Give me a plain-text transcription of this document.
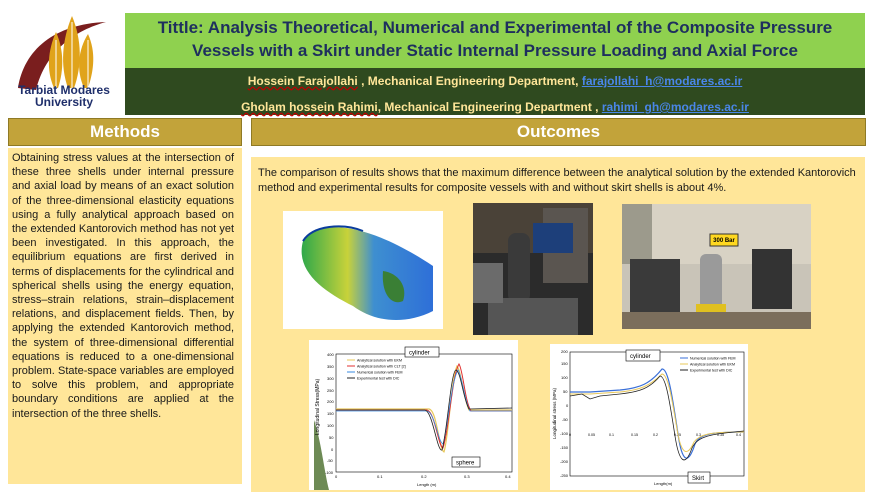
Tarbiat Modares
University
Tittle: Analysis Theoretical, Numerical and Experimental of the Composite Pressure Vessels with a Skirt under Static Internal Pressure Loading and Axial Force
Hossein Farajollahi , Mechanical Engineering Department, farajollahi_h@modares.ac.ir
Gholam hossein Rahimi, Mechanical Engineering Department , rahimi_gh@modares.ac.ir
Methods
Obtaining stress values at the intersection of these three shells under internal pressure and axial load by means of an exact solution of the three-dimensional elasticity equations using a fully analytical approach based on the extended Kantorovich method has not yet been investigated. In this approach, the equilibrium equations are first derived in terms of displacements for the cylindrical and spherical shells using the energy equation, stress–strain relations, strain–displacement relations, and displacement fields. Then, by applying the extended Kantorovich method, the system of three-dimensional differential equations is reduced to a one-dimensional problem. State-space variables are employed to solve this problem, and appropriate boundary conditions are applied at the intersection of the three shells.
Outcomes
The comparison of results shows that the maximum difference between the analytical solution by the extended Kantorovich method and experimental results for composite vessels with and without skirt shells is about 4%.
300 Bar
Longitudinal Stress(MPa)
-100
-50
0
50
100
150
200
250
300
350
400
0	0.1	0.2	0.3	0.4
Length (m)
Analytical solution with EKM
Analytical solution with CLT [2]
Numerical solution with FEM
Experimental test with DIC
cylinder
sphere
Longitudinal stress (MPa)
-250
-200
-150
-100
-50
0
50
100
150
200
0	0.05	0.1	0.15	0.2	0.25	0.3	0.35	0.4
Length(m)
Numerical solution with FEM
Analytical solution with EKM
Experimental test with DIC
cylinder
Skirt
